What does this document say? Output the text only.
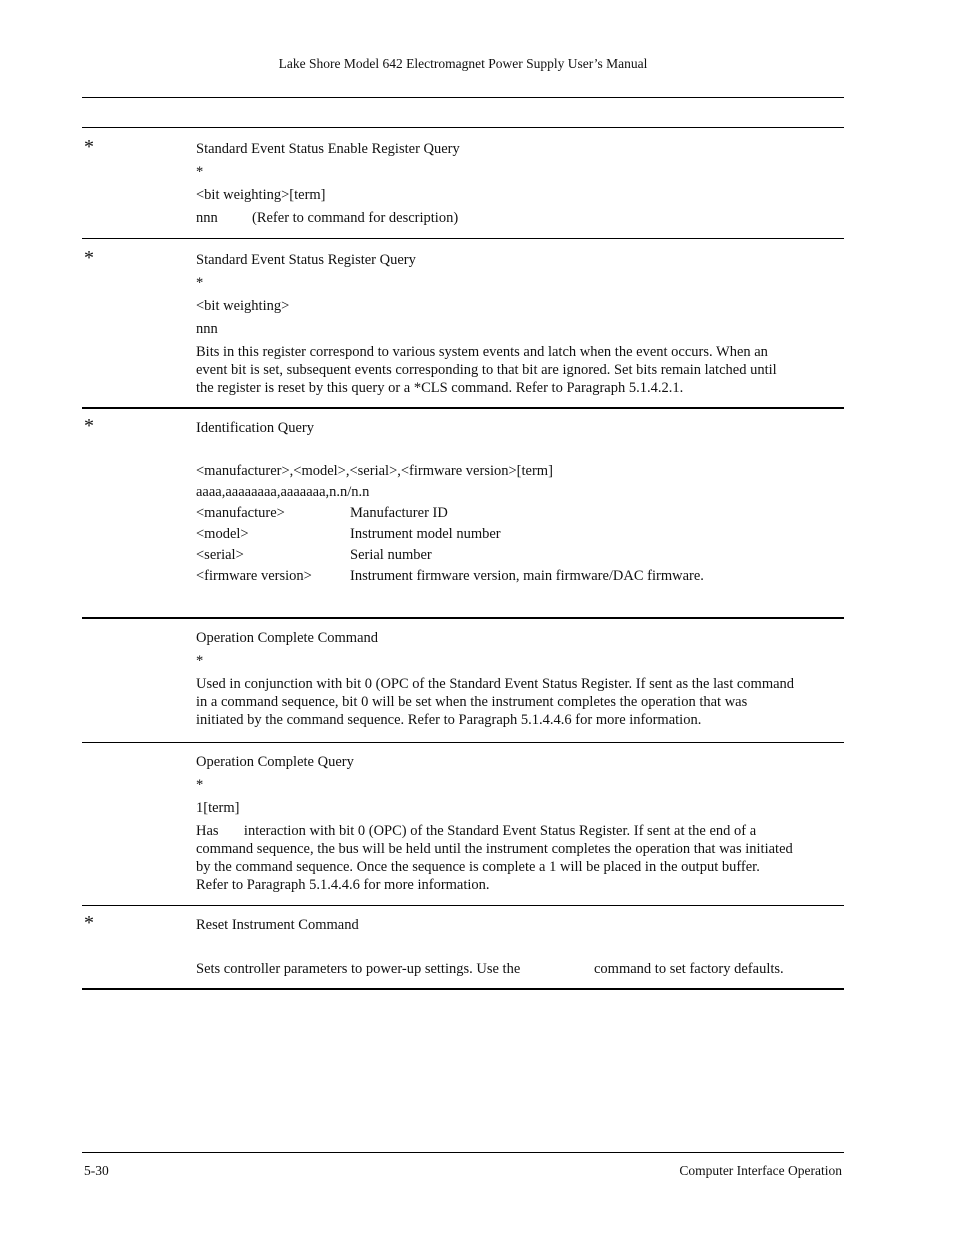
Lake Shore Model 642 Electromagnet Power Supply User’s Manual
*	Standard Event Status Enable Register Query
*
<bit weighting>[term]
nnn (Refer to command for description)
*	Standard Event Status Register Query
*
<bit weighting>
nnn
Bits in this register correspond to various system events and latch when the event occurs. When an
event bit is set, subsequent events corresponding to that bit are ignored. Set bits remain latched until
the register is reset by this query or a *CLS command. Refer to Paragraph 5.1.4.2.1.
*	Identification Query
<manufacturer>,<model>,<serial>,<firmware version>[term]
aaaa,aaaaaaaa,aaaaaaa,n.n/n.n
<manufacture>	Manufacturer ID
<model>	Instrument model number
<serial>	Serial number
<firmware version>	Instrument firmware version, main firmware/DAC firmware.
Operation Complete Command
*
Used in conjunction with bit 0 (OPC of the Standard Event Status Register. If sent as the last command
in a command sequence, bit 0 will be set when the instrument completes the operation that was
initiated by the command sequence. Refer to Paragraph 5.1.4.4.6 for more information.
Operation Complete Query
*
1[term]
Has       interaction with bit 0 (OPC) of the Standard Event Status Register. If sent at the end of a
command sequence, the bus will be held until the instrument completes the operation that was initiated
by the command sequence. Once the sequence is complete a 1 will be placed in the output buffer.
Refer to Paragraph 5.1.4.4.6 for more information.
*	Reset Instrument Command
Sets controller parameters to power-up settings. Use the	command to set factory defaults.
5-30	Computer Interface Operation
